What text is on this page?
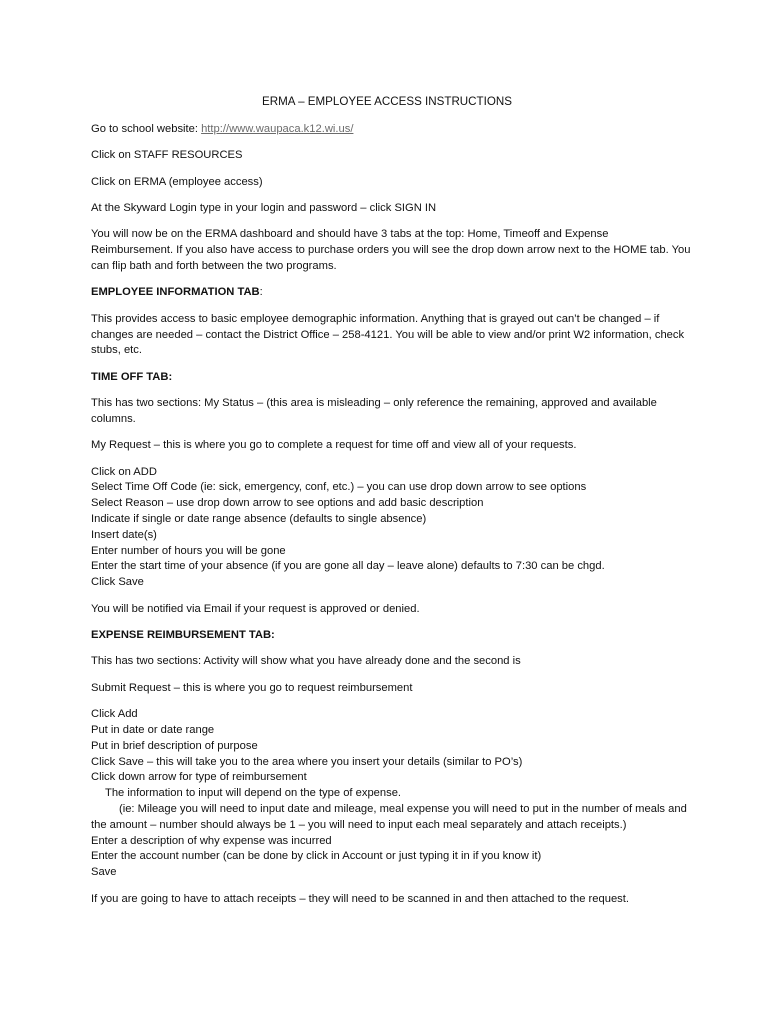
ERMA – EMPLOYEE ACCESS INSTRUCTIONS

Go to school website: http://www.waupaca.k12.wi.us/

Click on STAFF RESOURCES

Click on ERMA (employee access)

At the Skyward Login type in your login and password – click SIGN IN

You will now be on the ERMA dashboard and should have 3 tabs at the top: Home, Timeoff and Expense Reimbursement. If you also have access to purchase orders you will see the drop down arrow next to the HOME tab. You can flip bath and forth between the two programs.

EMPLOYEE INFORMATION TAB:

This provides access to basic employee demographic information. Anything that is grayed out can’t be changed – if changes are needed – contact the District Office – 258-4121. You will be able to view and/or print W2 information, check stubs, etc.

TIME OFF TAB:

This has two sections: My Status – (this area is misleading – only reference the remaining, approved and available columns.

My Request – this is where you go to complete a request for time off and view all of your requests.

Click on ADD

Select Time Off Code (ie: sick, emergency, conf, etc.) – you can use drop down arrow to see options

Select Reason – use drop down arrow to see options and add basic description

Indicate if single or date range absence (defaults to single absence)

Insert date(s)

Enter number of hours you will be gone

Enter the start time of your absence (if you are gone all day – leave alone) defaults to 7:30 can be chgd.

Click Save

You will be notified via Email if your request is approved or denied.

EXPENSE REIMBURSEMENT TAB:

This has two sections: Activity will show what you have already done and the second is

Submit Request – this is where you go to request reimbursement

Click Add

Put in date or date range

Put in brief description of purpose

Click Save – this will take you to the area where you insert your details (similar to PO’s)

Click down arrow for type of reimbursement

The information to input will depend on the type of expense.

(ie: Mileage you will need to input date and mileage, meal expense you will need to put in the number of meals and the amount – number should always be 1 – you will need to input each meal separately and attach receipts.)

Enter a description of why expense was incurred

Enter the account number (can be done by click in Account or just typing it in if you know it)

Save

If you are going to have to attach receipts – they will need to be scanned in and then attached to the request.
